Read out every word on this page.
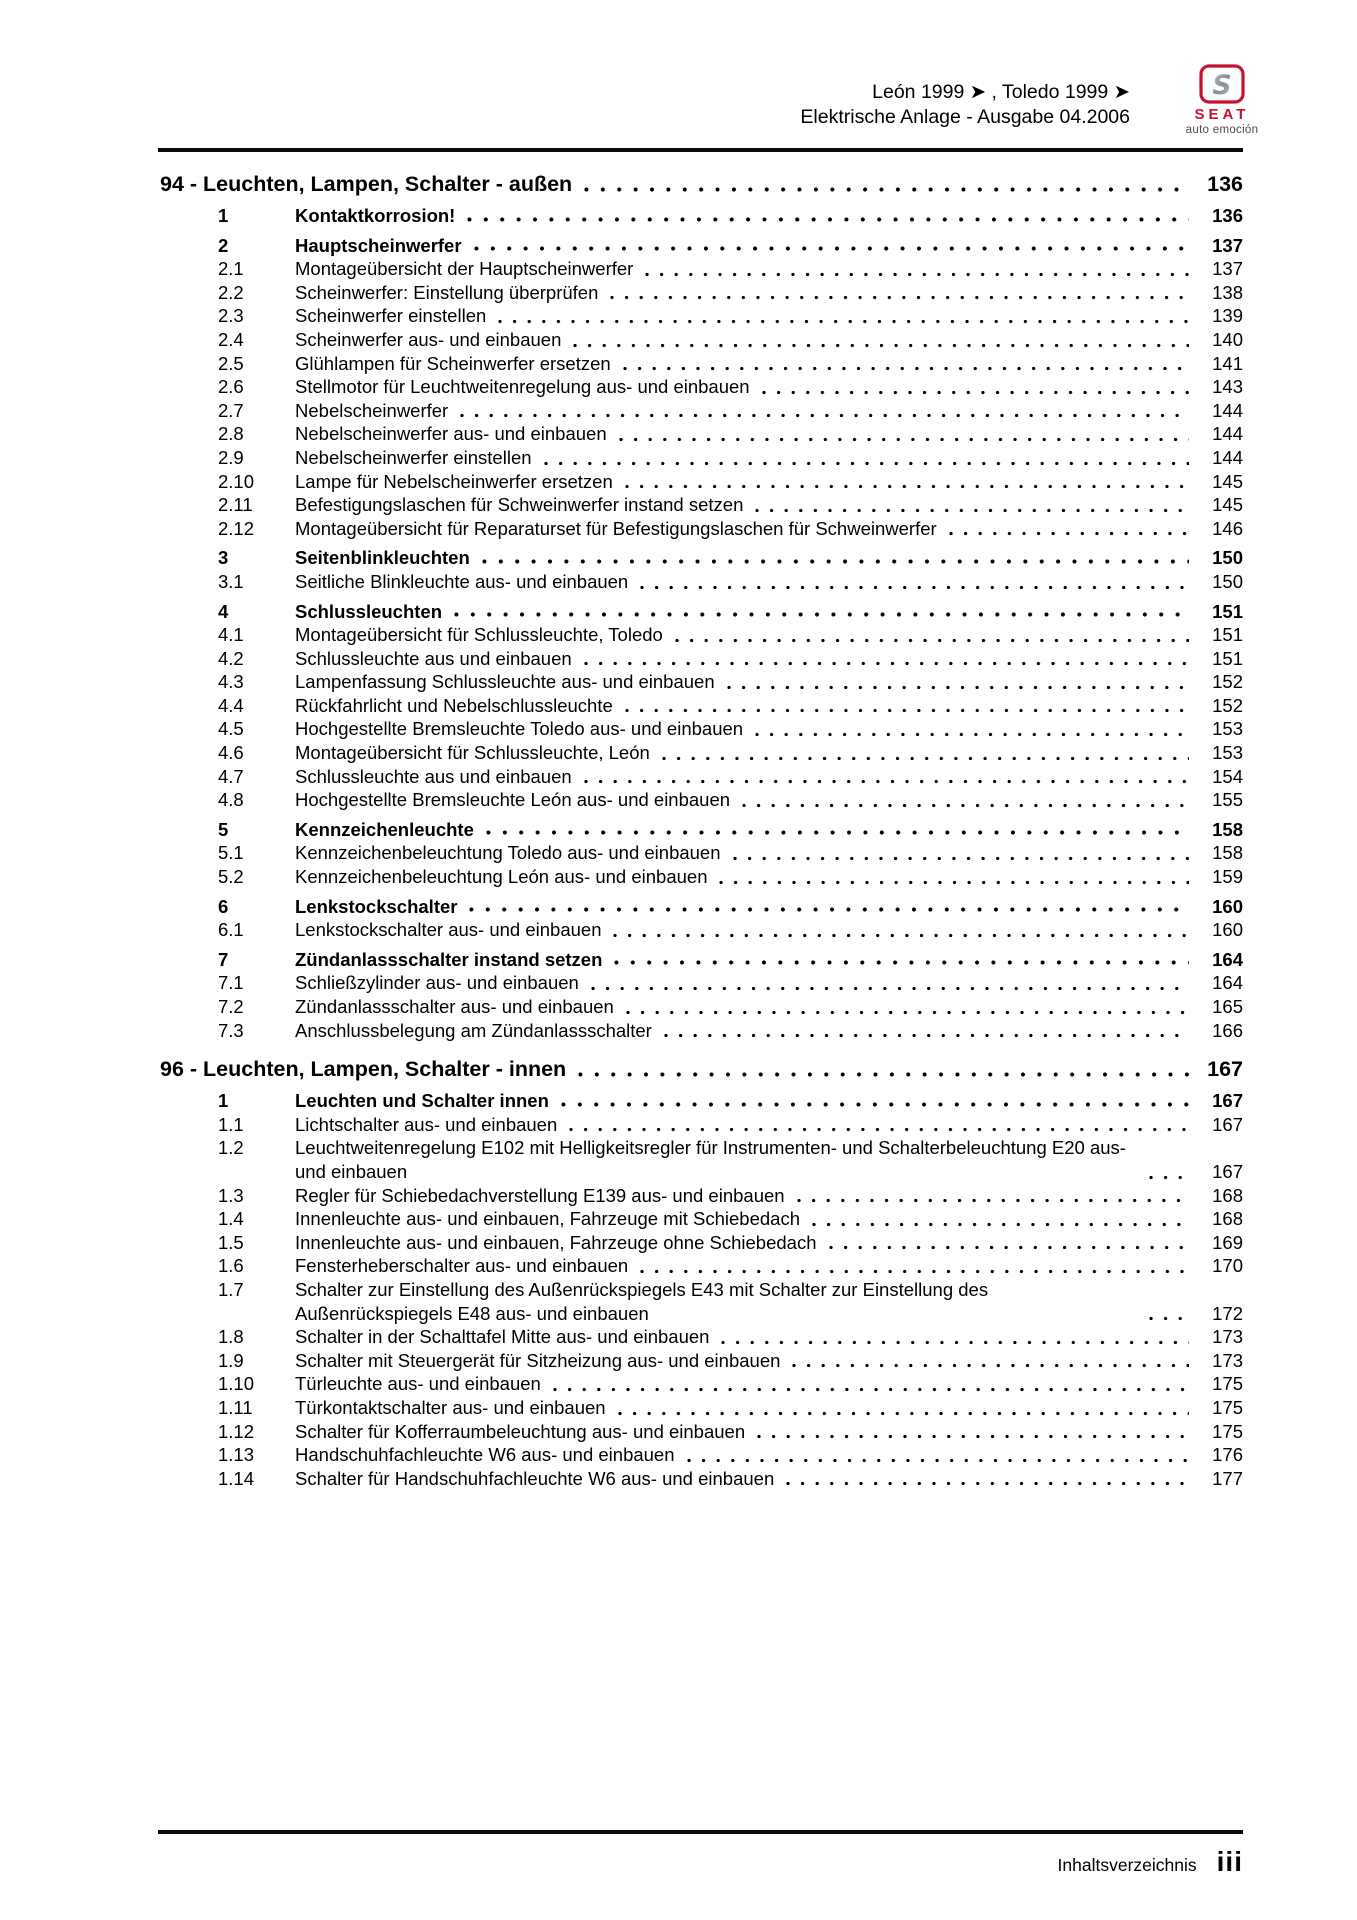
León 1999 ➤ , Toledo 1999 ➤
Elektrische Anlage - Ausgabe 04.2006
S
SEAT
auto emoción
94 - Leuchten, Lampen, Schalter - außen	136
1	Kontaktkorrosion!	136
2	Hauptscheinwerfer	137
2.1	Montageübersicht der Hauptscheinwerfer	137
2.2	Scheinwerfer: Einstellung überprüfen	138
2.3	Scheinwerfer einstellen	139
2.4	Scheinwerfer aus- und einbauen	140
2.5	Glühlampen für Scheinwerfer ersetzen	141
2.6	Stellmotor für Leuchtweitenregelung aus- und einbauen	143
2.7	Nebelscheinwerfer	144
2.8	Nebelscheinwerfer aus- und einbauen	144
2.9	Nebelscheinwerfer einstellen	144
2.10	Lampe für Nebelscheinwerfer ersetzen	145
2.11	Befestigungslaschen für Schweinwerfer instand setzen	145
2.12	Montageübersicht für Reparaturset für Befestigungslaschen für Schweinwerfer	146
3	Seitenblinkleuchten	150
3.1	Seitliche Blinkleuchte aus- und einbauen	150
4	Schlussleuchten	151
4.1	Montageübersicht für Schlussleuchte, Toledo	151
4.2	Schlussleuchte aus und einbauen	151
4.3	Lampenfassung Schlussleuchte aus- und einbauen	152
4.4	Rückfahrlicht und Nebelschlussleuchte	152
4.5	Hochgestellte Bremsleuchte Toledo aus- und einbauen	153
4.6	Montageübersicht für Schlussleuchte, León	153
4.7	Schlussleuchte aus und einbauen	154
4.8	Hochgestellte Bremsleuchte León aus- und einbauen	155
5	Kennzeichenleuchte	158
5.1	Kennzeichenbeleuchtung Toledo aus- und einbauen	158
5.2	Kennzeichenbeleuchtung León aus- und einbauen	159
6	Lenkstockschalter	160
6.1	Lenkstockschalter aus- und einbauen	160
7	Zündanlassschalter instand setzen	164
7.1	Schließzylinder aus- und einbauen	164
7.2	Zündanlassschalter aus- und einbauen	165
7.3	Anschlussbelegung am Zündanlassschalter	166
96 - Leuchten, Lampen, Schalter - innen	167
1	Leuchten und Schalter innen	167
1.1	Lichtschalter aus- und einbauen	167
1.2	Leuchtweitenregelung E102 mit Helligkeitsregler für Instrumenten- und Schalterbeleuchtung E20 aus- und einbauen	167
1.3	Regler für Schiebedachverstellung E139 aus- und einbauen	168
1.4	Innenleuchte aus- und einbauen, Fahrzeuge mit Schiebedach	168
1.5	Innenleuchte aus- und einbauen, Fahrzeuge ohne Schiebedach	169
1.6	Fensterheberschalter aus- und einbauen	170
1.7	Schalter zur Einstellung des Außenrückspiegels E43 mit Schalter zur Einstellung des Außenrückspiegels E48 aus- und einbauen	172
1.8	Schalter in der Schalttafel Mitte aus- und einbauen	173
1.9	Schalter mit Steuergerät für Sitzheizung aus- und einbauen	173
1.10	Türleuchte aus- und einbauen	175
1.11	Türkontaktschalter aus- und einbauen	175
1.12	Schalter für Kofferraumbeleuchtung aus- und einbauen	175
1.13	Handschuhfachleuchte W6 aus- und einbauen	176
1.14	Schalter für Handschuhfachleuchte W6 aus- und einbauen	177
Inhaltsverzeichnis iii
